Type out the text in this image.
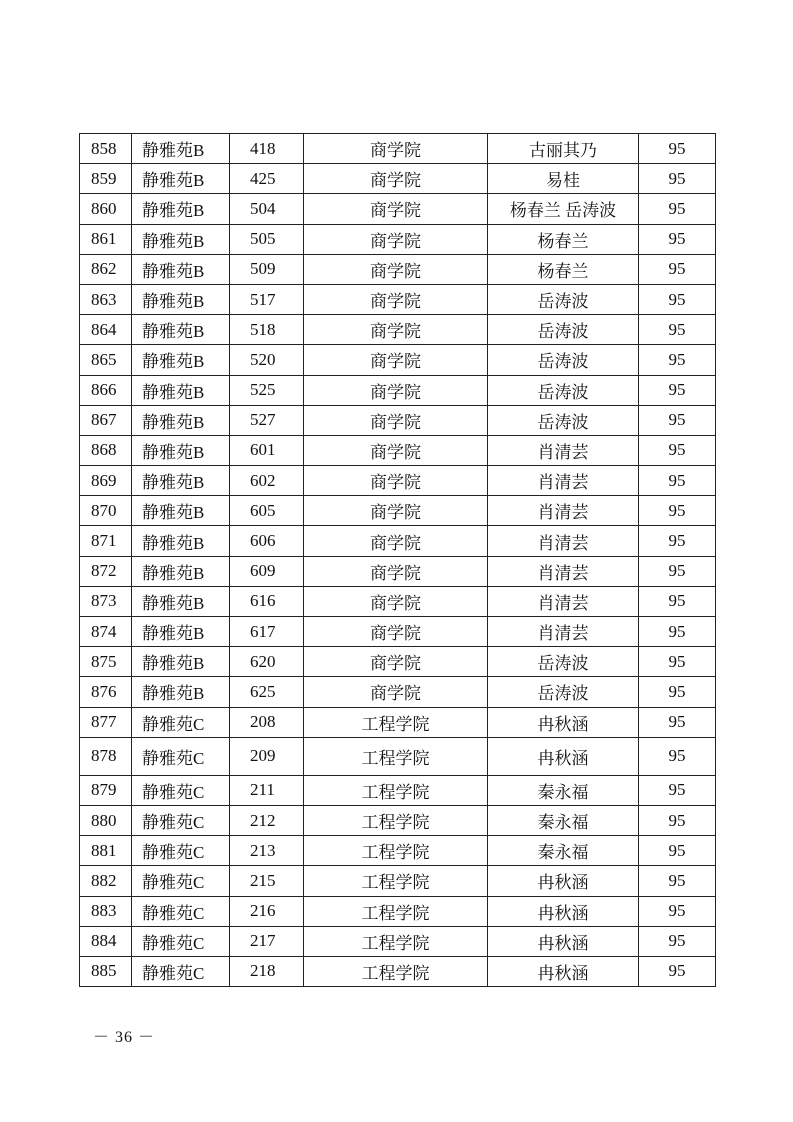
858	静雅苑B	418	商学院	古丽其乃	95
859	静雅苑B	425	商学院	易桂	95
860	静雅苑B	504	商学院	杨春兰 岳涛波	95
861	静雅苑B	505	商学院	杨春兰	95
862	静雅苑B	509	商学院	杨春兰	95
863	静雅苑B	517	商学院	岳涛波	95
864	静雅苑B	518	商学院	岳涛波	95
865	静雅苑B	520	商学院	岳涛波	95
866	静雅苑B	525	商学院	岳涛波	95
867	静雅苑B	527	商学院	岳涛波	95
868	静雅苑B	601	商学院	肖清芸	95
869	静雅苑B	602	商学院	肖清芸	95
870	静雅苑B	605	商学院	肖清芸	95
871	静雅苑B	606	商学院	肖清芸	95
872	静雅苑B	609	商学院	肖清芸	95
873	静雅苑B	616	商学院	肖清芸	95
874	静雅苑B	617	商学院	肖清芸	95
875	静雅苑B	620	商学院	岳涛波	95
876	静雅苑B	625	商学院	岳涛波	95
877	静雅苑C	208	工程学院	冉秋涵	95
878	静雅苑C	209	工程学院	冉秋涵	95
879	静雅苑C	211	工程学院	秦永福	95
880	静雅苑C	212	工程学院	秦永福	95
881	静雅苑C	213	工程学院	秦永福	95
882	静雅苑C	215	工程学院	冉秋涵	95
883	静雅苑C	216	工程学院	冉秋涵	95
884	静雅苑C	217	工程学院	冉秋涵	95
885	静雅苑C	218	工程学院	冉秋涵	95
－ 36 －
